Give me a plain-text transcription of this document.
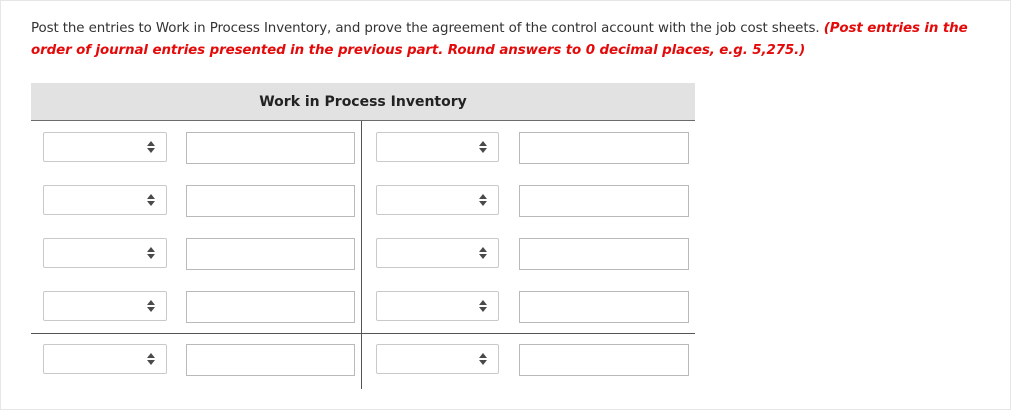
Post the entries to Work in Process Inventory, and prove the agreement of the control account with the job cost sheets. (Post entries in the order of journal entries presented in the previous part. Round answers to 0 decimal places, e.g. 5,275.)
Work in Process Inventory
